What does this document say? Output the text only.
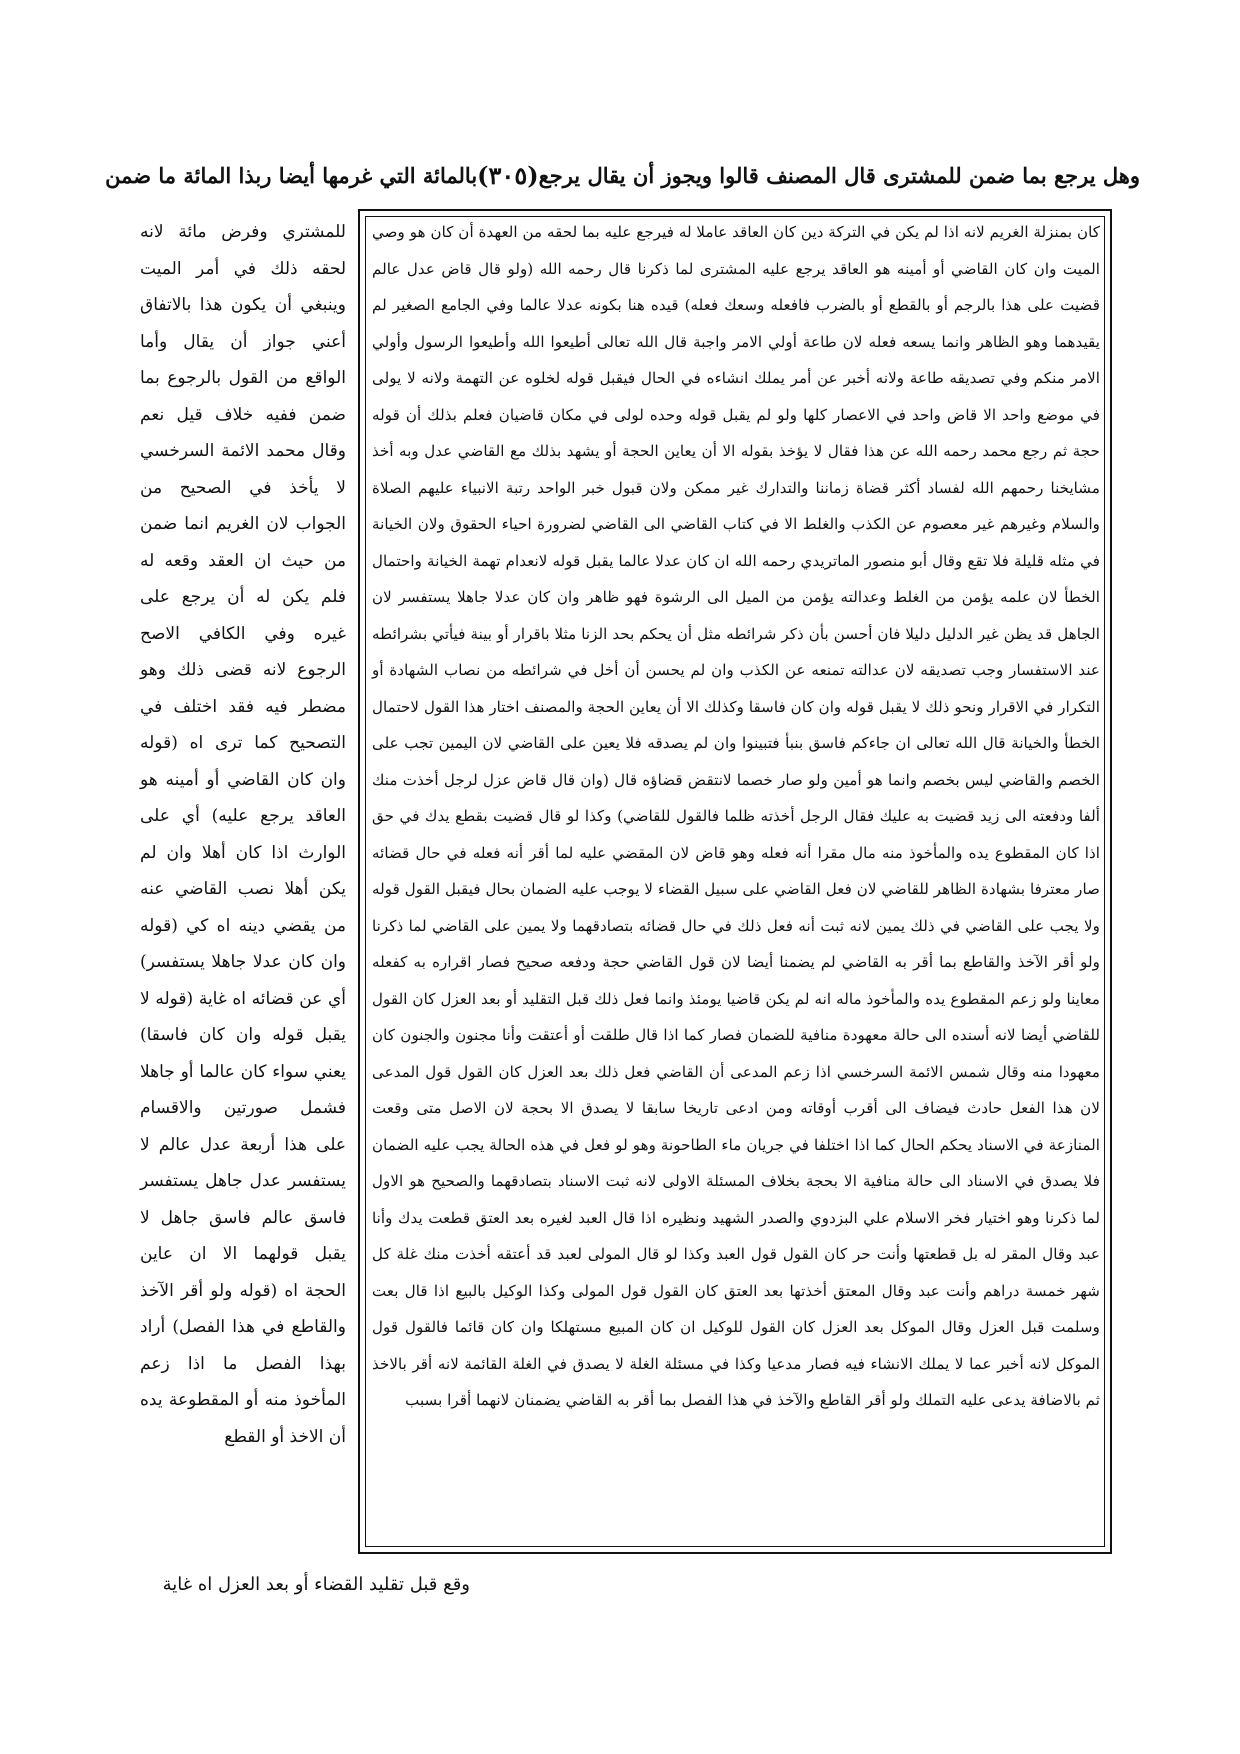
وهل يرجع بما ضمن للمشترى قال المصنف قالوا ويجوز أن يقال يرجع
(٣٠٥)
بالمائة التي غرمها أيضا ربذا المائة ما ضمن

كان بمنزلة الغريم لانه اذا لم يكن في التركة دين كان العاقد عاملا له فيرجع عليه بما لحقه من العهدة أن كان هو وصي الميت وان كان القاضي أو أمينه هو العاقد يرجع عليه المشترى لما ذكرنا قال رحمه الله (ولو قال قاض عدل عالم قضيت على هذا بالرجم أو بالقطع أو بالضرب فافعله وسعك فعله) قيده هنا بكونه عدلا عالما وفي الجامع الصغير لم يقيدهما وهو الظاهر وانما يسعه فعله لان طاعة أولي الامر واجبة قال الله تعالى أطيعوا الله وأطيعوا الرسول وأولي الامر منكم وفي تصديقه طاعة ولانه أخبر عن أمر يملك انشاءه في الحال فيقبل قوله لخلوه عن التهمة ولانه لا يولى في موضع واحد الا قاض واحد في الاعصار كلها ولو لم يقبل قوله وحده لولى في مكان قاضيان فعلم بذلك أن قوله حجة ثم رجع محمد رحمه الله عن هذا فقال لا يؤخذ بقوله الا أن يعاين الحجة أو يشهد بذلك مع القاضي عدل وبه أخذ مشايخنا رحمهم الله لفساد أكثر قضاة زماننا والتدارك غير ممكن ولان قبول خبر الواحد رتبة الانبياء عليهم الصلاة والسلام وغيرهم غير معصوم عن الكذب والغلط الا في كتاب القاضي الى القاضي لضرورة احياء الحقوق ولان الخيانة في مثله قليلة فلا تقع وقال أبو منصور الماتريدي رحمه الله ان كان عدلا عالما يقبل قوله لانعدام تهمة الخيانة واحتمال الخطأ لان علمه يؤمن من الغلط وعدالته يؤمن من الميل الى الرشوة فهو ظاهر وان كان عدلا جاهلا يستفسر لان الجاهل قد يظن غير الدليل دليلا فان أحسن بأن ذكر شرائطه مثل أن يحكم بحد الزنا مثلا باقرار أو بينة فيأتي بشرائطه عند الاستفسار وجب تصديقه لان عدالته تمنعه عن الكذب وان لم يحسن أن أخل في شرائطه من نصاب الشهادة أو التكرار في الاقرار ونحو ذلك لا يقبل قوله وان كان فاسقا وكذلك الا أن يعاين الحجة والمصنف اختار هذا القول لاحتمال الخطأ والخيانة قال الله تعالى ان جاءكم فاسق بنبأ فتبينوا وان لم يصدقه فلا يعين على القاضي لان اليمين تجب على الخصم والقاضي ليس بخصم وانما هو أمين ولو صار خصما لانتقض قضاؤه قال (وان قال قاض عزل لرجل أخذت منك ألفا ودفعته الى زيد قضيت به عليك فقال الرجل أخذته ظلما فالقول للقاضي) وكذا لو قال قضيت بقطع يدك في حق اذا كان المقطوع يده والمأخوذ منه مال مقرا أنه فعله وهو قاض لان المقضي عليه لما أقر أنه فعله في حال قضائه صار معترفا بشهادة الظاهر للقاضي لان فعل القاضي على سبيل القضاء لا يوجب عليه الضمان بحال فيقبل القول قوله ولا يجب على القاضي في ذلك يمين لانه ثبت أنه فعل ذلك في حال قضائه بتصادقهما ولا يمين على القاضي لما ذكرنا ولو أقر الآخذ والقاطع بما أقر به القاضي لم يضمنا أيضا لان قول القاضي حجة ودفعه صحيح فصار اقراره به كفعله معاينا ولو زعم المقطوع يده والمأخوذ ماله انه لم يكن قاضيا يومئذ وانما فعل ذلك قبل التقليد أو بعد العزل كان القول للقاضي أيضا لانه أسنده الى حالة معهودة منافية للضمان فصار كما اذا قال طلقت أو أعتقت وأنا مجنون والجنون كان معهودا منه وقال شمس الائمة السرخسي اذا زعم المدعى أن القاضي فعل ذلك بعد العزل كان القول قول المدعى لان هذا الفعل حادث فيضاف الى أقرب أوقاته ومن ادعى تاريخا سابقا لا يصدق الا بحجة لان الاصل متى وقعت المنازعة في الاسناد يحكم الحال كما اذا اختلفا في جريان ماء الطاحونة وهو لو فعل في هذه الحالة يجب عليه الضمان فلا يصدق في الاسناد الى حالة منافية الا بحجة بخلاف المسئلة الاولى لانه ثبت الاسناد بتصادقهما والصحيح هو الاول لما ذكرنا وهو اختيار فخر الاسلام علي البزدوي والصدر الشهيد ونظيره اذا قال العبد لغيره بعد العتق قطعت يدك وأنا عبد وقال المقر له بل قطعتها وأنت حر كان القول قول العبد وكذا لو قال المولى لعبد قد أعتقه أخذت منك غلة كل شهر خمسة دراهم وأنت عبد وقال المعتق أخذتها بعد العتق كان القول قول المولى وكذا الوكيل بالبيع اذا قال بعت وسلمت قبل العزل وقال الموكل بعد العزل كان القول للوكيل ان كان المبيع مستهلكا وان كان قائما فالقول قول الموكل لانه أخبر عما لا يملك الانشاء فيه فصار مدعيا وكذا في مسئلة الغلة لا يصدق في الغلة القائمة لانه أقر بالاخذ ثم بالاضافة يدعى عليه التملك ولو أقر القاطع والآخذ في هذا الفصل بما أقر به القاضي يضمنان لانهما أقرا بسبب

للمشتري وفرض مائة لانه لحقه ذلك في أمر الميت وينبغي أن يكون هذا بالاتفاق أعني جواز أن يقال وأما الواقع من القول بالرجوع بما ضمن ففيه خلاف قيل نعم وقال محمد الائمة السرخسي لا يأخذ في الصحيح من الجواب لان الغريم انما ضمن من حيث ان العقد وقعه له فلم يكن له أن يرجع على غيره وفي الكافي الاصح الرجوع لانه قضى ذلك وهو مضطر فيه فقد اختلف في التصحيح كما ترى اه (قوله وان كان القاضي أو أمينه هو العاقد يرجع عليه) أي على الوارث اذا كان أهلا وان لم يكن أهلا نصب القاضي عنه من يقضي دينه اه كي (قوله وان كان عدلا جاهلا يستفسر) أي عن قضائه اه غاية (قوله لا يقبل قوله وان كان فاسقا) يعني سواء كان عالما أو جاهلا فشمل صورتين والاقسام على هذا أربعة عدل عالم لا يستفسر عدل جاهل يستفسر فاسق عالم فاسق جاهل لا يقبل قولهما الا ان عاين الحجة اه (قوله ولو أقر الآخذ والقاطع في هذا الفصل) أراد بهذا الفصل ما اذا زعم المأخوذ منه أو المقطوعة يده أن الاخذ أو القطع

وقع قبل تقليد القضاء أو بعد العزل اه غاية
